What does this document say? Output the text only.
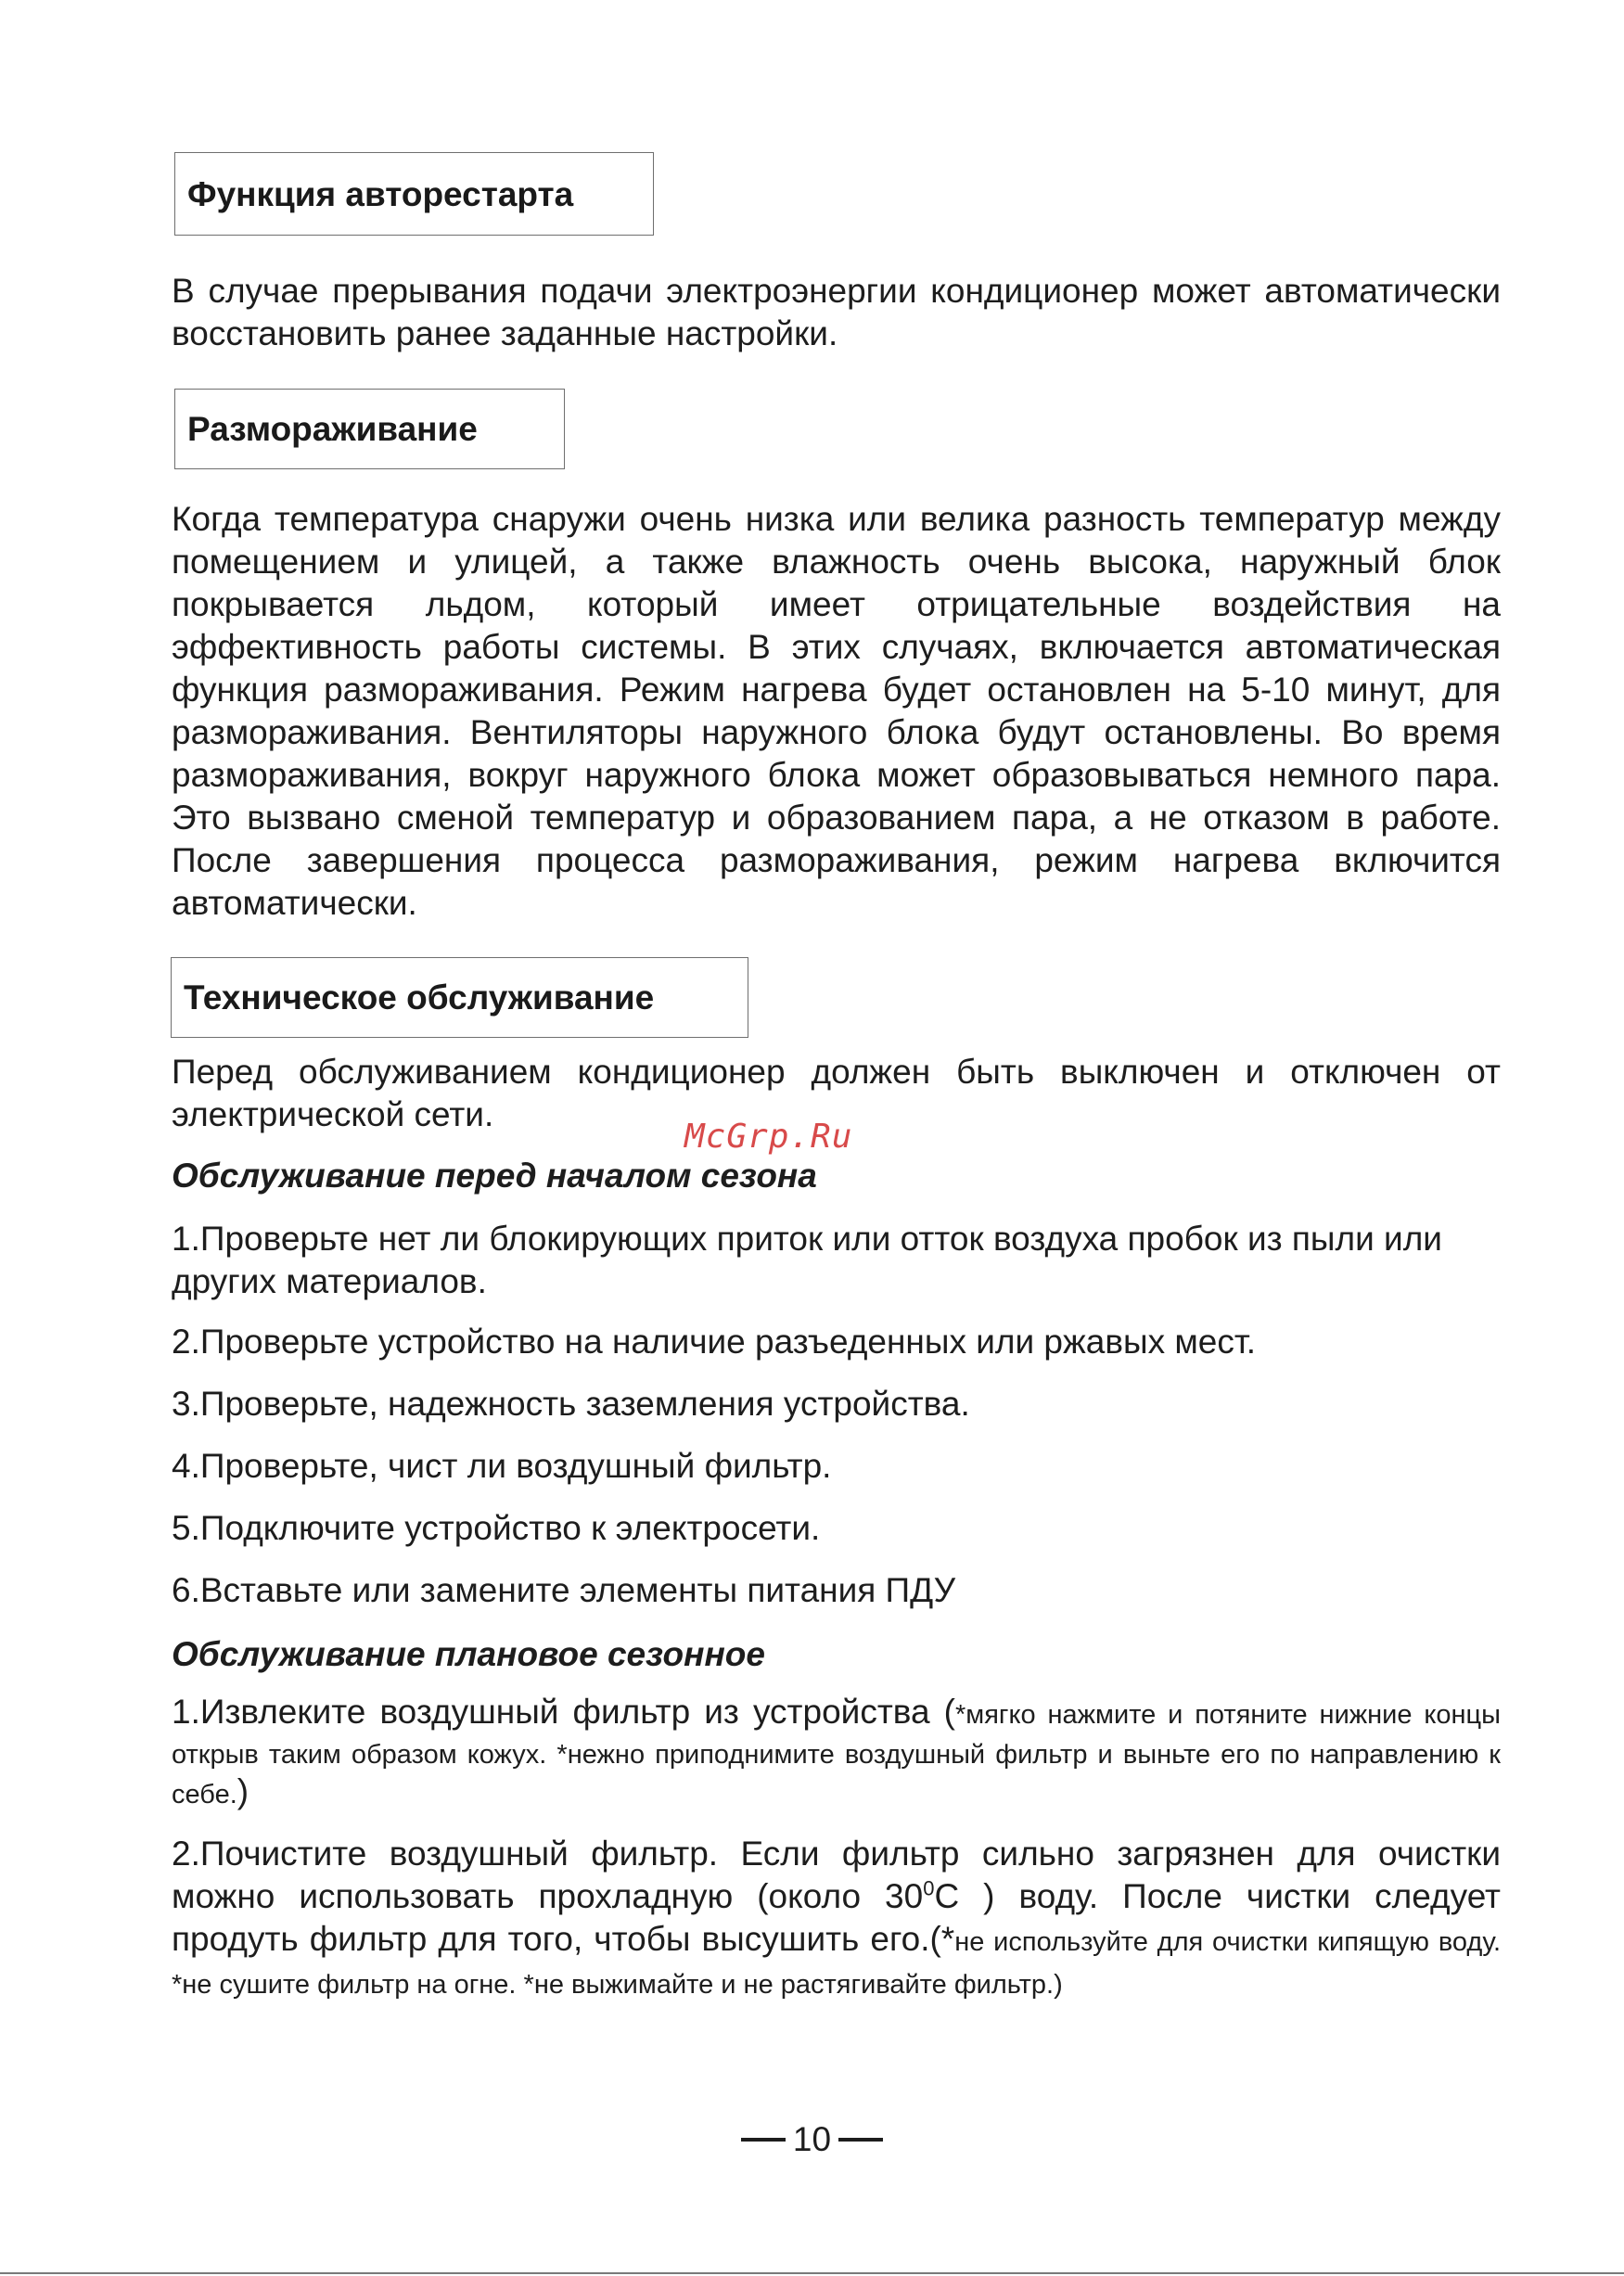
Функция авторестарта

В случае прерывания подачи электроэнергии кондиционер может автоматически восстановить ранее заданные настройки.

Размораживание

Когда температура снаружи очень низка или велика разность температур между помещением и улицей, а также влажность очень высока, наружный блок покрывается льдом, который имеет отрицательные воздействия на эффективность работы системы. В этих случаях, включается автоматическая функция размораживания. Режим нагрева будет остановлен на 5-10 минут, для размораживания. Вентиляторы наружного блока будут остановлены. Во время размораживания, вокруг наружного блока может образовываться немного пара. Это вызвано сменой температур и образованием пара, а не отказом в работе. После завершения процесса размораживания, режим нагрева включится автоматически.

Техническое обслуживание

Перед обслуживанием кондиционер должен быть выключен и отключен от электрической сети.

McGrp.Ru

Обслуживание перед началом сезона

1.Проверьте нет ли блокирующих приток или отток воздуха пробок из пыли или других материалов.

2.Проверьте устройство на наличие разъеденных или ржавых мест.

3.Проверьте, надежность заземления устройства.

4.Проверьте, чист ли воздушный фильтр.

5.Подключите устройство к электросети.

6.Вставьте или замените элементы питания ПДУ

Обслуживание плановое сезонное

1.Извлеките воздушный фильтр из устройства (*мягко нажмите и потяните нижние концы открыв таким образом кожух. *нежно приподнимите воздушный фильтр и выньте его по направлению к себе.)

2.Почистите воздушный фильтр. Если фильтр сильно загрязнен для очистки можно использовать прохладную (около $30^0С$ ) воду. После чистки следует продуть фильтр для того, чтобы высушить его.(*не используйте для очистки кипящую воду. *не сушите фильтр на огне. *не выжимайте и не растягивайте фильтр.)

10
